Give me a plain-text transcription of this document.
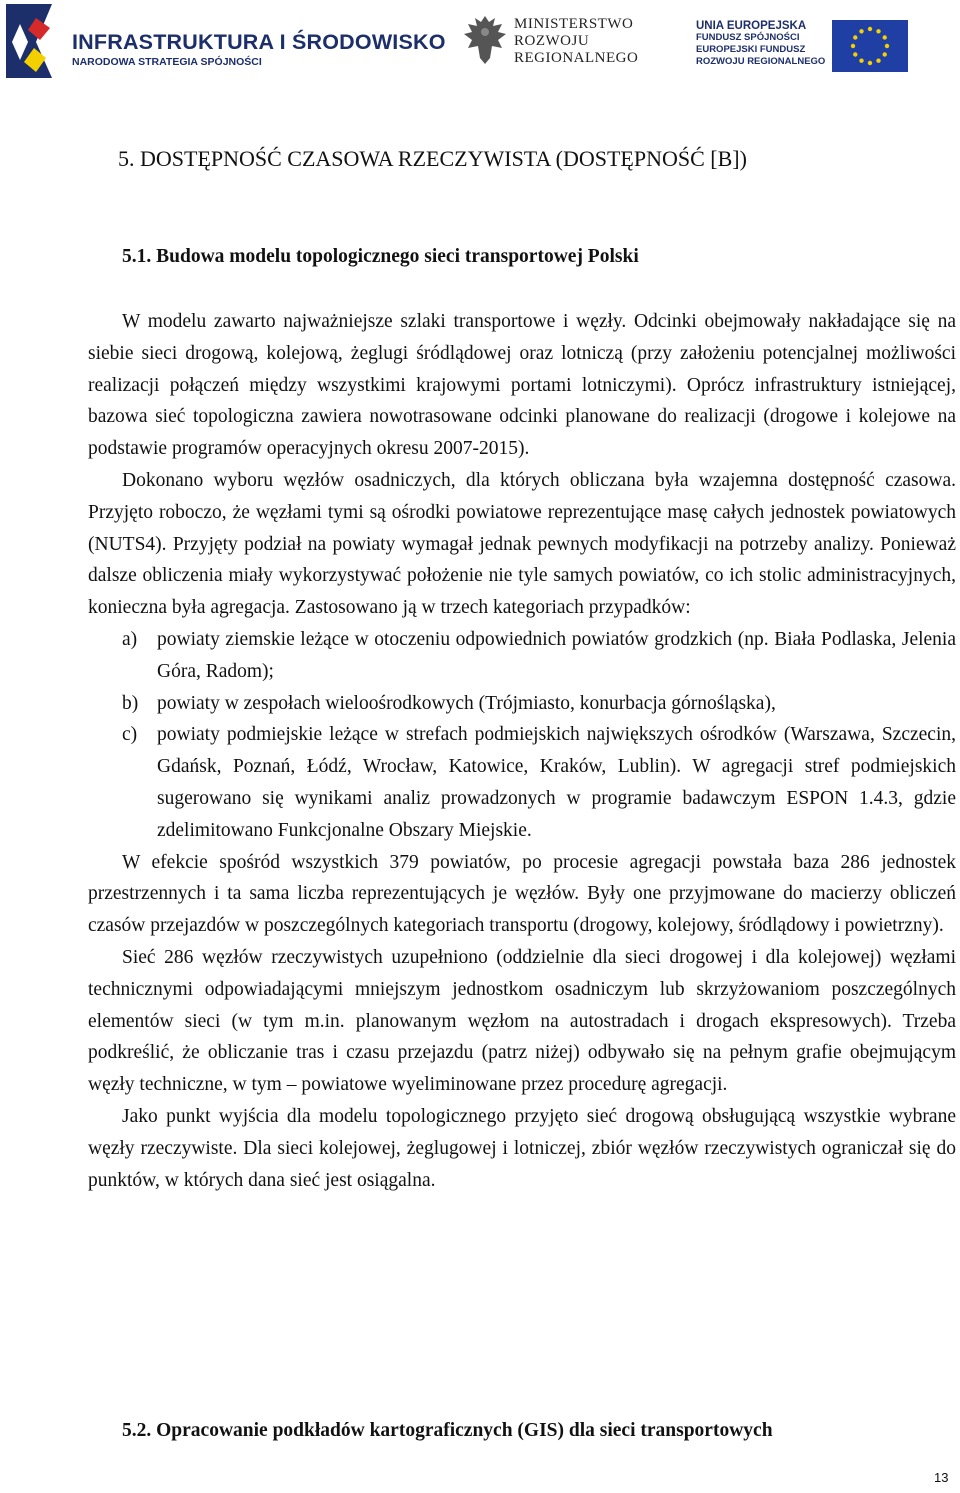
INFRASTRUKTURA I ŚRODOWISKO
NARODOWA STRATEGIA SPÓJNOŚCI
MINISTERSTWO
ROZWOJU
REGIONALNEGO
UNIA EUROPEJSKA
FUNDUSZ SPÓJNOŚCI
EUROPEJSKI FUNDUSZ
ROZWOJU REGIONALNEGO
5. DOSTĘPNOŚĆ CZASOWA RZECZYWISTA (DOSTĘPNOŚĆ [B])
5.1. Budowa modelu topologicznego sieci transportowej Polski

W modelu zawarto najważniejsze szlaki transportowe i węzły. Odcinki obejmowały nakładające się na siebie sieci drogową, kolejową, żeglugi śródlądowej oraz lotniczą (przy założeniu potencjalnej możliwości realizacji połączeń między wszystkimi krajowymi portami lotniczymi). Oprócz infrastruktury istniejącej, bazowa sieć topologiczna zawiera nowotrasowane odcinki planowane do realizacji (drogowe i kolejowe na podstawie programów operacyjnych okresu 2007-2015).

Dokonano wyboru węzłów osadniczych, dla których obliczana była wzajemna dostępność czasowa. Przyjęto roboczo, że węzłami tymi są ośrodki powiatowe reprezentujące masę całych jednostek powiatowych (NUTS4). Przyjęty podział na powiaty wymagał jednak pewnych modyfikacji na potrzeby analizy. Ponieważ dalsze obliczenia miały wykorzystywać położenie nie tyle samych powiatów, co ich stolic administracyjnych, konieczna była agregacja. Zastosowano ją w trzech kategoriach przypadków:

a) powiaty ziemskie leżące w otoczeniu odpowiednich powiatów grodzkich (np. Biała Podlaska, Jelenia Góra, Radom);
b) powiaty w zespołach wieloośrodkowych (Trójmiasto, konurbacja górnośląska),
c) powiaty podmiejskie leżące w strefach podmiejskich największych ośrodków (Warszawa, Szczecin, Gdańsk, Poznań, Łódź, Wrocław, Katowice, Kraków, Lublin). W agregacji stref podmiejskich sugerowano się wynikami analiz prowadzonych w programie badawczym ESPON 1.4.3, gdzie zdelimitowano Funkcjonalne Obszary Miejskie.

W efekcie spośród wszystkich 379 powiatów, po procesie agregacji powstała baza 286 jednostek przestrzennych i ta sama liczba reprezentujących je węzłów. Były one przyjmowane do macierzy obliczeń czasów przejazdów w poszczególnych kategoriach transportu (drogowy, kolejowy, śródlądowy i powietrzny).

Sieć 286 węzłów rzeczywistych uzupełniono (oddzielnie dla sieci drogowej i dla kolejowej) węzłami technicznymi odpowiadającymi mniejszym jednostkom osadniczym lub skrzyżowaniom poszczególnych elementów sieci (w tym m.in. planowanym węzłom na autostradach i drogach ekspresowych). Trzeba podkreślić, że obliczanie tras i czasu przejazdu (patrz niżej) odbywało się na pełnym grafie obejmującym węzły techniczne, w tym – powiatowe wyeliminowane przez procedurę agregacji.

Jako punkt wyjścia dla modelu topologicznego przyjęto sieć drogową obsługującą wszystkie wybrane węzły rzeczywiste. Dla sieci kolejowej, żeglugowej i lotniczej, zbiór węzłów rzeczywistych ograniczał się do punktów, w których dana sieć jest osiągalna.

5.2. Opracowanie podkładów kartograficznych (GIS) dla sieci transportowych
13
